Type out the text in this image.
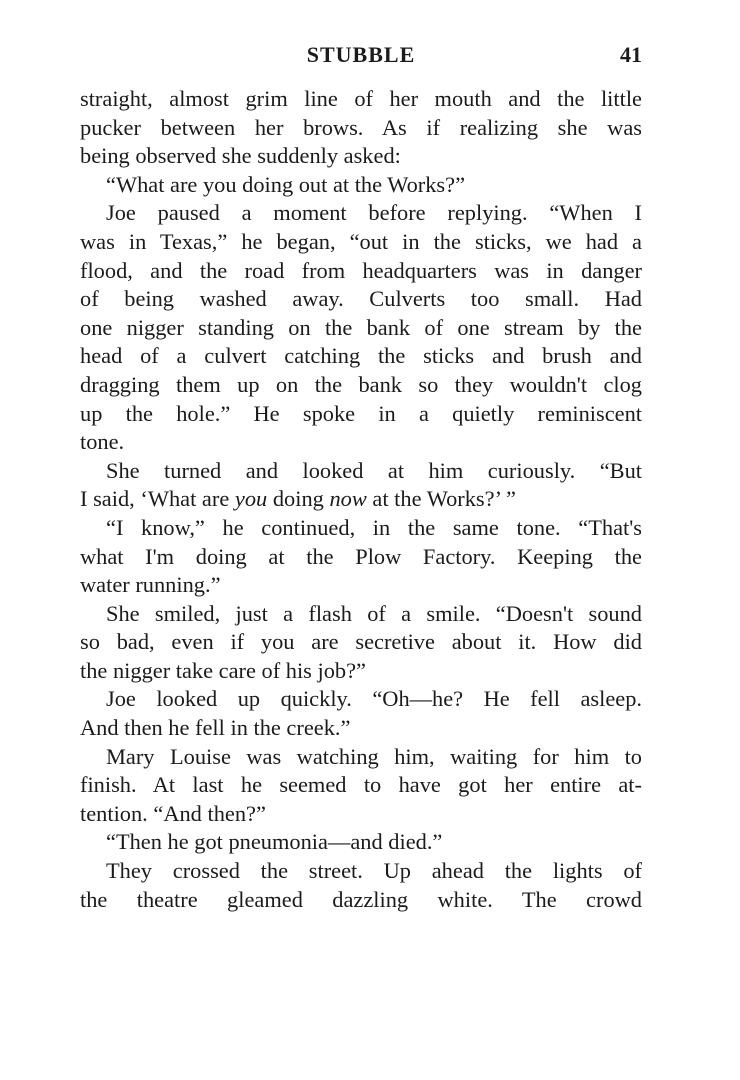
STUBBLE	41
straight, almost grim line of her mouth and the little
pucker between her brows. As if realizing she was
being observed she suddenly asked:
“What are you doing out at the Works?”
Joe paused a moment before replying. “When I
was in Texas,” he began, “out in the sticks, we had a
flood, and the road from headquarters was in danger
of being washed away. Culverts too small. Had
one nigger standing on the bank of one stream by the
head of a culvert catching the sticks and brush and
dragging them up on the bank so they wouldn't clog
up the hole.” He spoke in a quietly reminiscent
tone.
She turned and looked at him curiously. “But
I said, ‘What are you doing now at the Works?’ ”
“I know,” he continued, in the same tone. “That's
what I'm doing at the Plow Factory. Keeping the
water running.”
She smiled, just a flash of a smile. “Doesn't sound
so bad, even if you are secretive about it. How did
the nigger take care of his job?”
Joe looked up quickly. “Oh—he? He fell asleep.
And then he fell in the creek.”
Mary Louise was watching him, waiting for him to
finish. At last he seemed to have got her entire at-
tention. “And then?”
“Then he got pneumonia—and died.”
They crossed the street. Up ahead the lights of
the theatre gleamed dazzling white. The crowd
